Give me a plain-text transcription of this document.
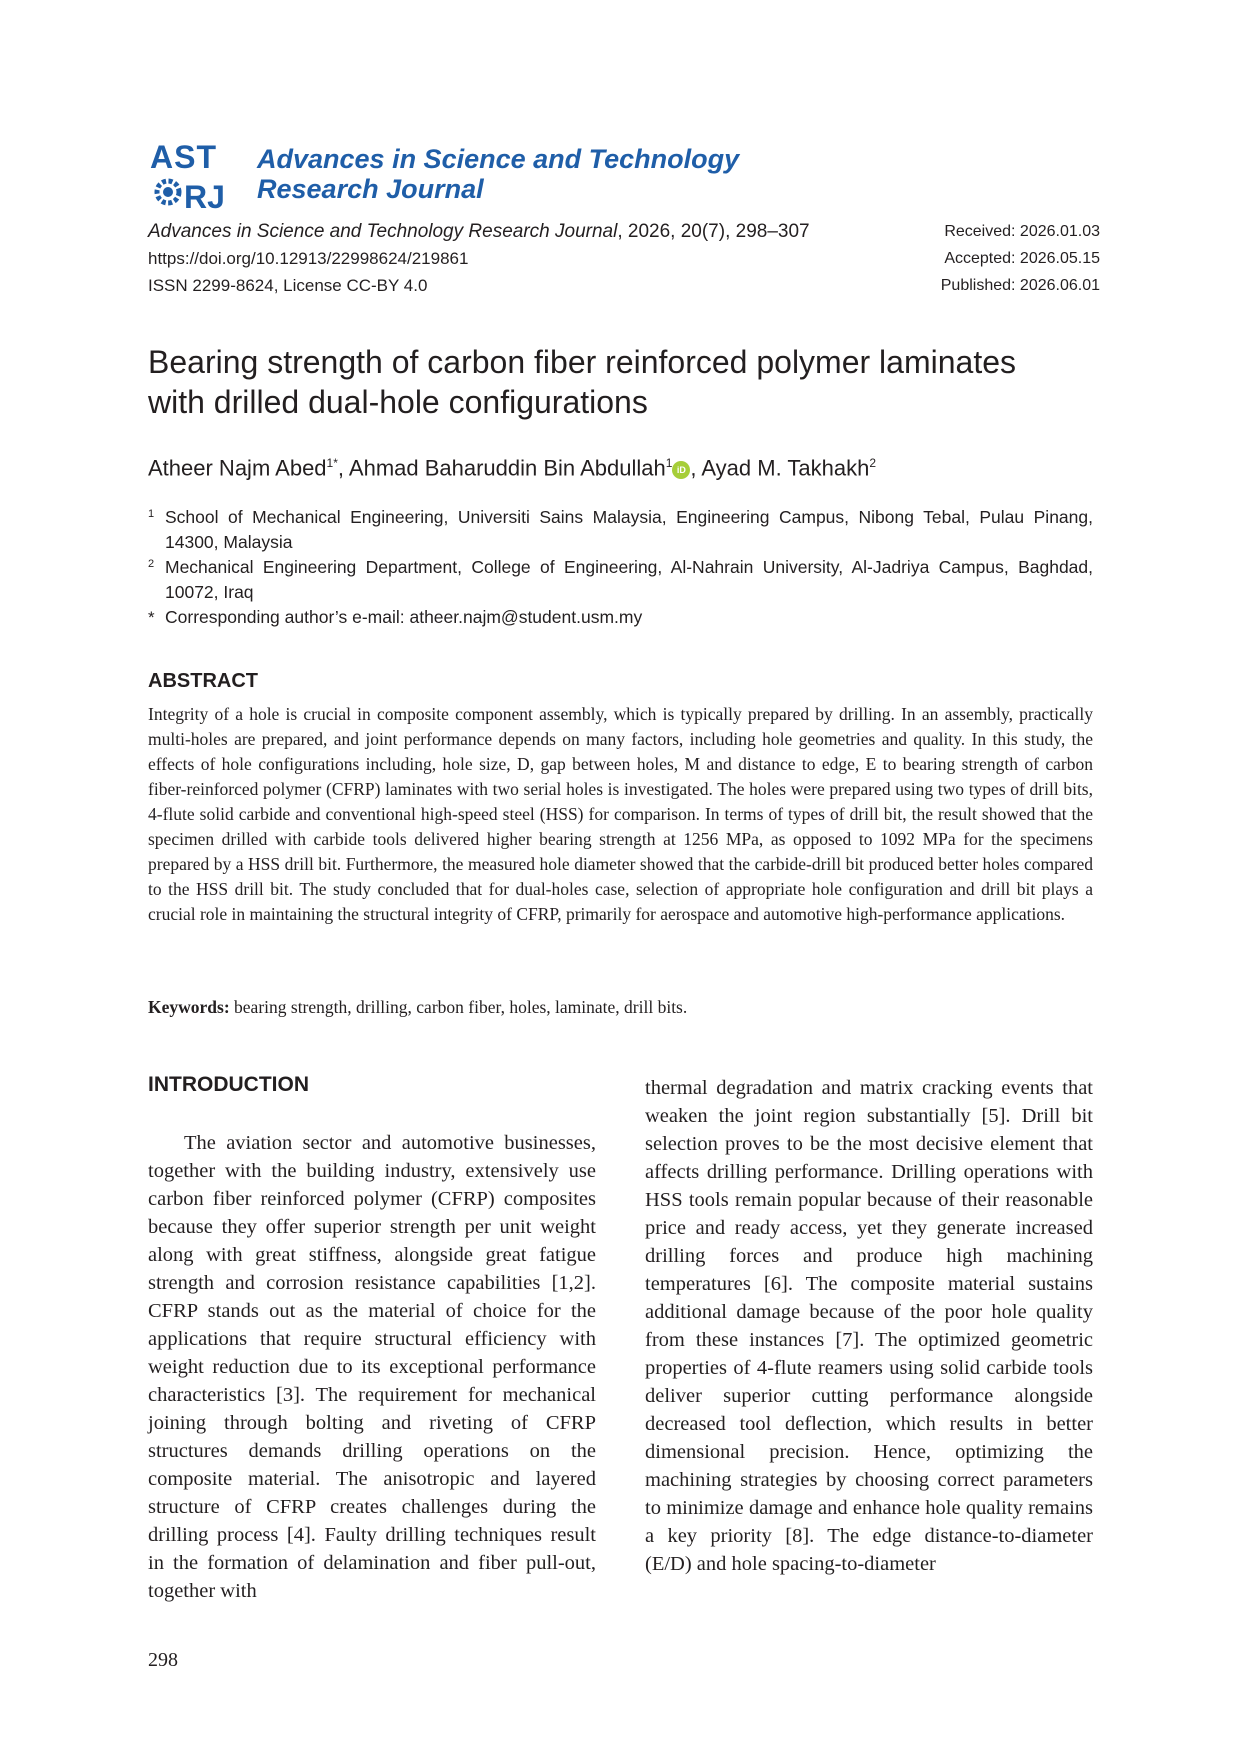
AST
RJ
Advances in Science and Technology
Research Journal
Advances in Science and Technology Research Journal, 2026, 20(7), 298–307
https://doi.org/10.12913/22998624/219861
ISSN 2299-8624, License CC-BY 4.0
Received: 2026.01.03
Accepted: 2026.05.15
Published: 2026.06.01
Bearing strength of carbon fiber reinforced polymer laminates
with drilled dual-hole configurations
Atheer Najm Abed$^{1*}$, Ahmad Baharuddin Bin Abdullah$^1$iD , Ayad M. Takhakh$^2$
1 School of Mechanical Engineering, Universiti Sains Malaysia, Engineering Campus, Nibong Tebal, Pulau Pinang, 14300, Malaysia
2 Mechanical Engineering Department, College of Engineering, Al-Nahrain University, Al-Jadriya Campus, Baghdad, 10072, Iraq
* Corresponding author’s e-mail: atheer.najm@student.usm.my
ABSTRACT
Integrity of a hole is crucial in composite component assembly, which is typically prepared by drilling. In an assembly, practically multi-holes are prepared, and joint performance depends on many factors, including hole geometries and quality. In this study, the effects of hole configurations including, hole size, D, gap between holes, M and distance to edge, E to bearing strength of carbon fiber-reinforced polymer (CFRP) laminates with two serial holes is investigated. The holes were prepared using two types of drill bits, 4-flute solid carbide and conventional high-speed steel (HSS) for comparison. In terms of types of drill bit, the result showed that the specimen drilled with carbide tools delivered higher bearing strength at 1256 MPa, as opposed to 1092 MPa for the specimens prepared by a HSS drill bit. Furthermore, the measured hole diameter showed that the carbide-drill bit produced better holes compared to the HSS drill bit. The study concluded that for dual-holes case, selection of appropriate hole configuration and drill bit plays a crucial role in maintaining the structural integrity of CFRP, primarily for aerospace and automotive high-performance applications.
Keywords: bearing strength, drilling, carbon fiber, holes, laminate, drill bits.
INTRODUCTION

The aviation sector and automotive businesses, together with the building industry, extensively use carbon fiber reinforced polymer (CFRP) composites because they offer superior strength per unit weight along with great stiffness, alongside great fatigue strength and corrosion resistance capabilities [1,2]. CFRP stands out as the material of choice for the applications that require structural efficiency with weight reduction due to its exceptional performance characteristics [3]. The requirement for mechanical joining through bolting and riveting of CFRP structures demands drilling operations on the composite material. The anisotropic and layered structure of CFRP creates challenges during the drilling process [4]. Faulty drilling techniques result in the formation of delamination and fiber pull-out, together with

thermal degradation and matrix cracking events that weaken the joint region substantially [5]. Drill bit selection proves to be the most decisive element that affects drilling performance. Drilling operations with HSS tools remain popular because of their reasonable price and ready access, yet they generate increased drilling forces and produce high machining temperatures [6]. The composite material sustains additional damage because of the poor hole quality from these instances [7]. The optimized geometric properties of 4-flute reamers using solid carbide tools deliver superior cutting performance alongside decreased tool deflection, which results in better dimensional precision. Hence, optimizing the machining strategies by choosing correct parameters to minimize damage and enhance hole quality remains a key priority [8]. The edge distance-to-diameter (E/D) and hole spacing-to-diameter

298
